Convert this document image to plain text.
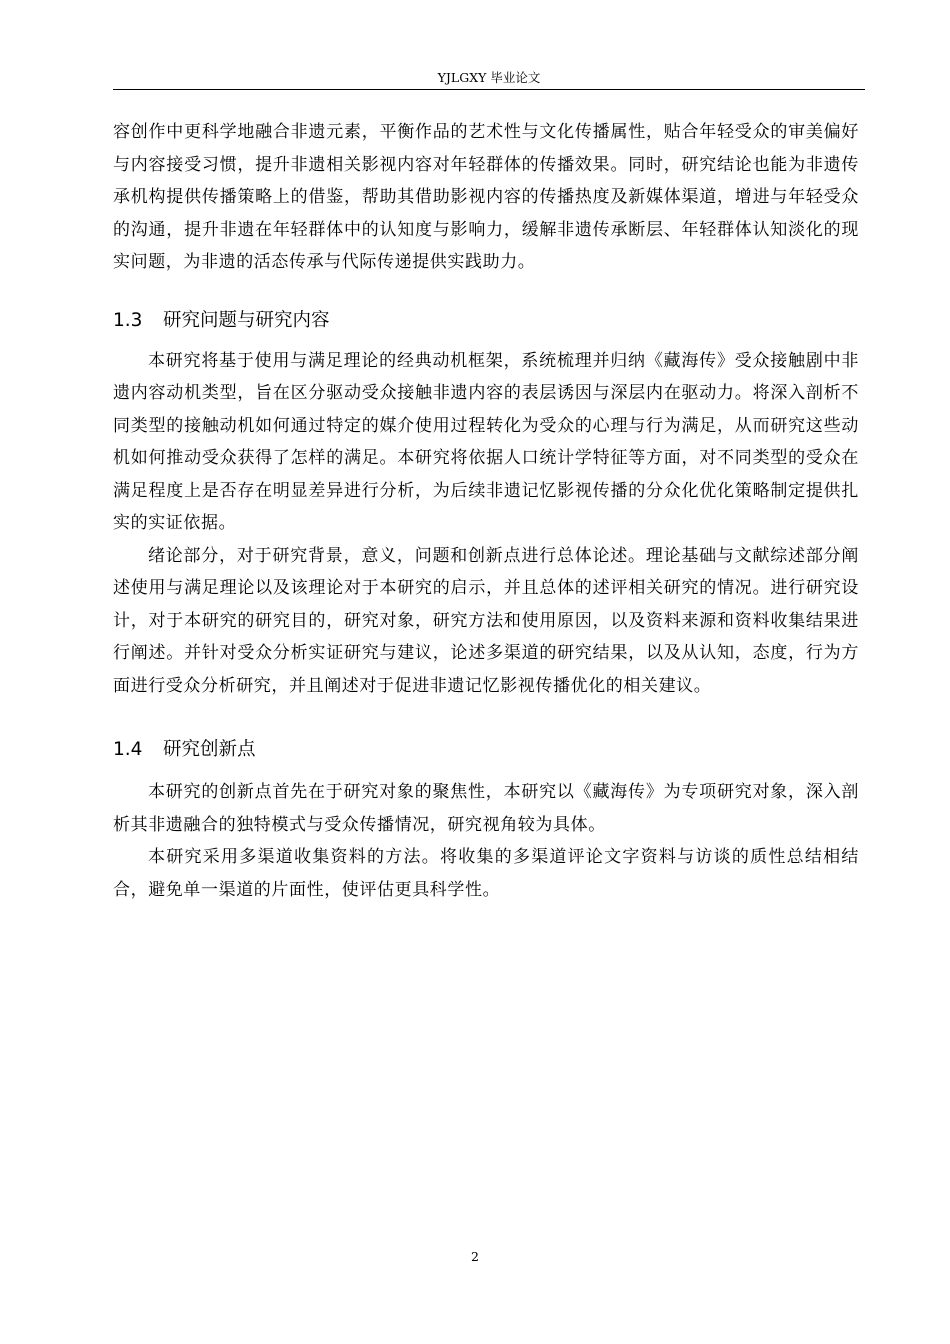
YJLGXY 毕业论文

容创作中更科学地融合非遗元素，平衡作品的艺术性与文化传播属性，贴合年轻受众的审美偏好与内容接受习惯，提升非遗相关影视内容对年轻群体的传播效果。同时，研究结论也能为非遗传承机构提供传播策略上的借鉴，帮助其借助影视内容的传播热度及新媒体渠道，增进与年轻受众的沟通，提升非遗在年轻群体中的认知度与影响力，缓解非遗传承断层、年轻群体认知淡化的现实问题，为非遗的活态传承与代际传递提供实践助力。

1.3	研究问题与研究内容

本研究将基于使用与满足理论的经典动机框架，系统梳理并归纳《藏海传》受众接触剧中非遗内容动机类型，旨在区分驱动受众接触非遗内容的表层诱因与深层内在驱动力。将深入剖析不同类型的接触动机如何通过特定的媒介使用过程转化为受众的心理与行为满足，从而研究这些动机如何推动受众获得了怎样的满足。本研究将依据人口统计学特征等方面，对不同类型的受众在满足程度上是否存在明显差异进行分析，为后续非遗记忆影视传播的分众化优化策略制定提供扎实的实证依据。

绪论部分，对于研究背景，意义，问题和创新点进行总体论述。理论基础与文献综述部分阐述使用与满足理论以及该理论对于本研究的启示，并且总体的述评相关研究的情况。进行研究设计，对于本研究的研究目的，研究对象，研究方法和使用原因，以及资料来源和资料收集结果进行阐述。并针对受众分析实证研究与建议，论述多渠道的研究结果，以及从认知，态度，行为方面进行受众分析研究，并且阐述对于促进非遗记忆影视传播优化的相关建议。

1.4	研究创新点

本研究的创新点首先在于研究对象的聚焦性，本研究以《藏海传》为专项研究对象，深入剖析其非遗融合的独特模式与受众传播情况，研究视角较为具体。

本研究采用多渠道收集资料的方法。将收集的多渠道评论文字资料与访谈的质性总结相结合，避免单一渠道的片面性，使评估更具科学性。

2
